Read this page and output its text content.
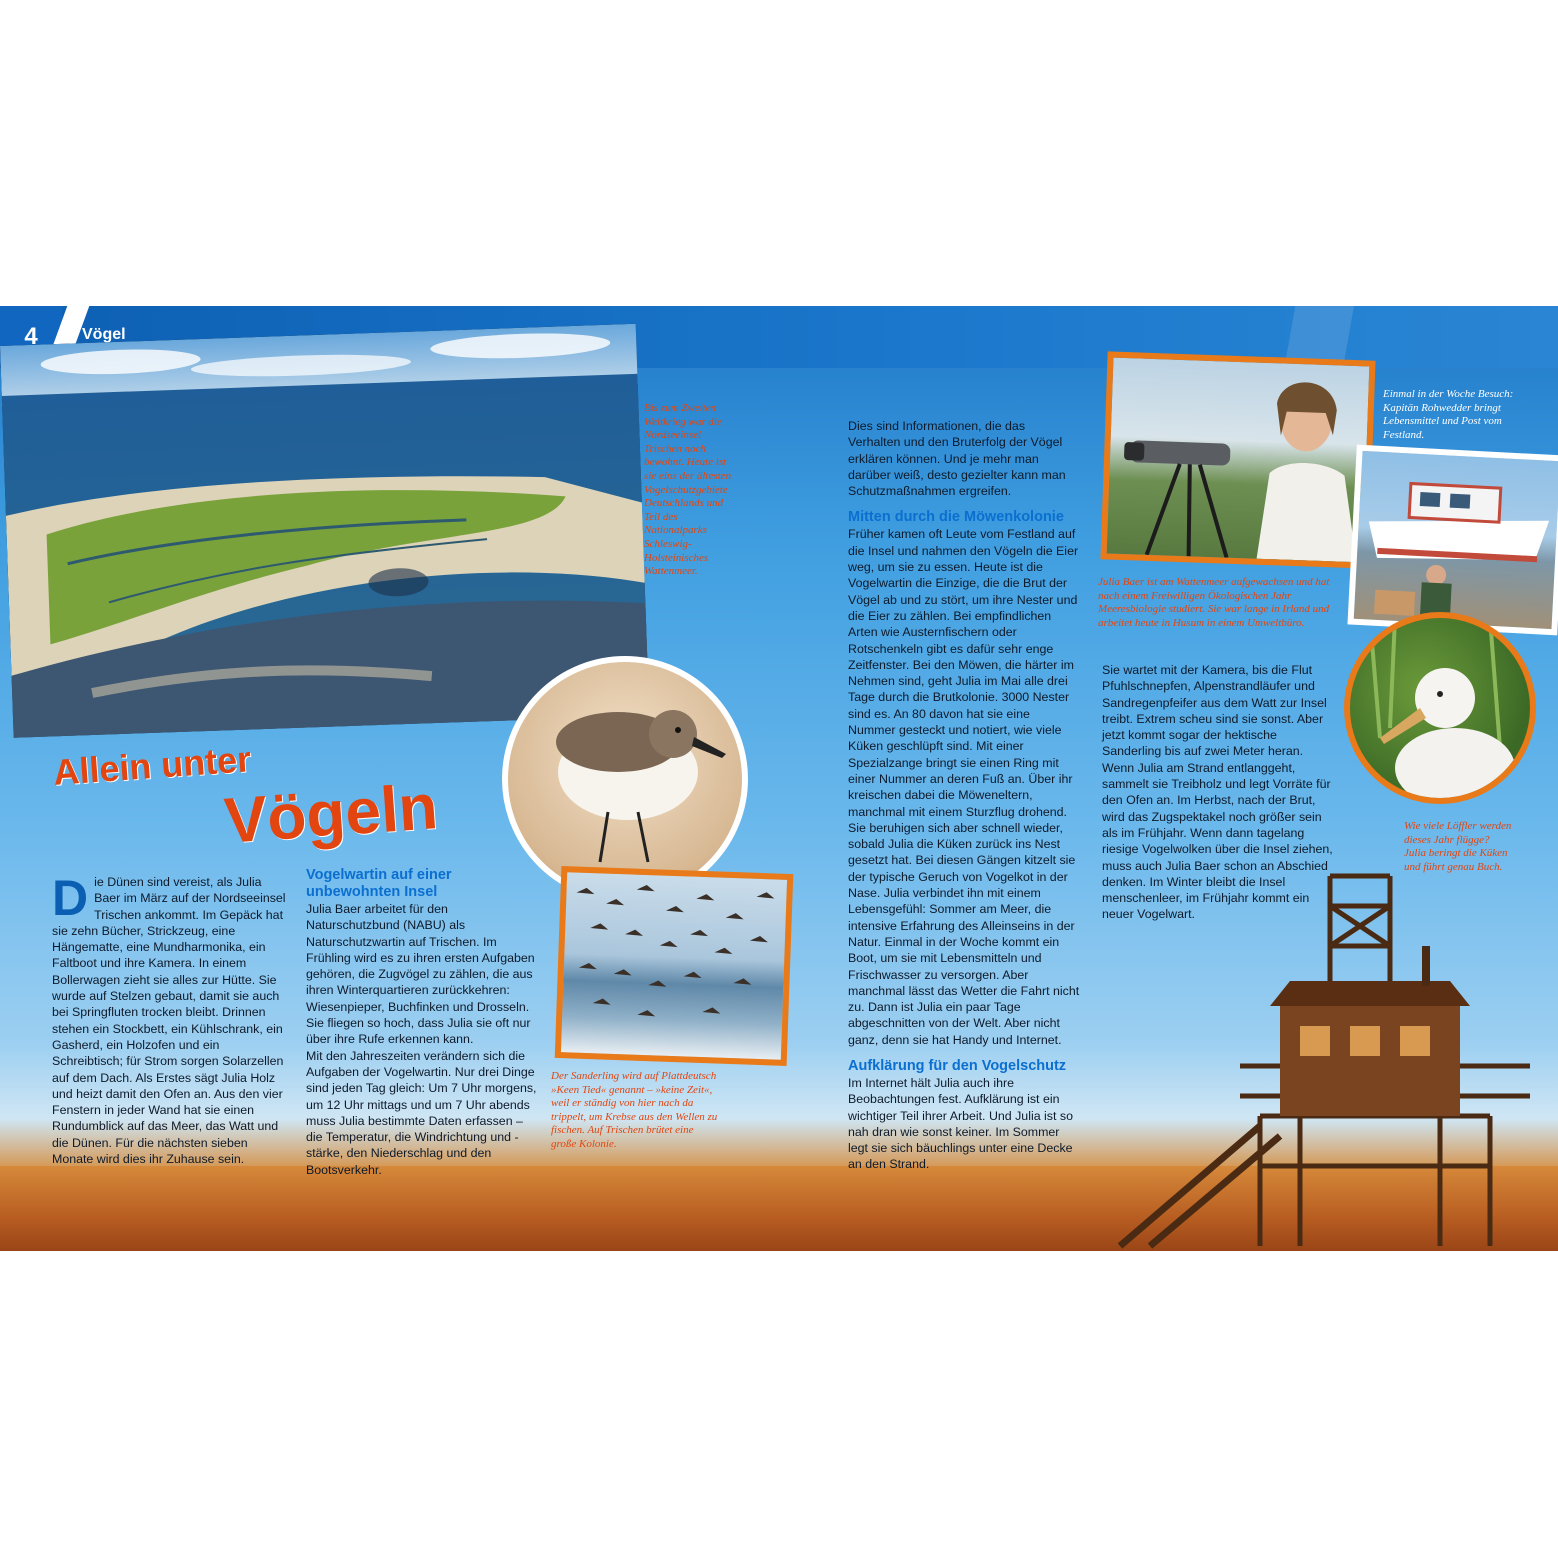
4	Vögel
Bis zum Zweiten Weltkrieg war die Nordseeinsel Trischen noch bewohnt. Heute ist sie eins der ältesten Vogelschutzgebiete Deutschlands und Teil des Nationalparks Schleswig-Holsteinisches Wattenmeer.
Der Sanderling wird auf Plattdeutsch »Keen Tied« genannt – »keine Zeit«, weil er ständig von hier nach da trippelt, um Krebse aus den Wellen zu fischen. Auf Trischen brütet eine große Kolonie.
Julia Baer ist am Wattenmeer aufgewachsen und hat nach einem Freiwilligen Ökologischen Jahr Meeresbiologie studiert. Sie war lange in Irland und arbeitet heute in Husum in einem Umweltbüro.
Einmal in der Woche Besuch: Kapitän Rohwedder bringt Lebensmittel und Post vom Festland.
Wie viele Löffler werden dieses Jahr flügge? Julia beringt die Küken und führt genau Buch.
Allein unter
Vögeln
D ie Dünen sind vereist, als Julia Baer im März auf der Nordseeinsel Trischen ankommt. Im Gepäck hat sie zehn Bücher, Strickzeug, eine Hängematte, eine Mundharmonika, ein Faltboot und ihre Kamera. In einem Bollerwagen zieht sie alles zur Hütte. Sie wurde auf Stelzen gebaut, damit sie auch bei Springfluten trocken bleibt. Drinnen stehen ein Stockbett, ein Kühlschrank, ein Gasherd, ein Holzofen und ein Schreibtisch; für Strom sorgen Solarzellen auf dem Dach. Als Erstes sägt Julia Holz und heizt damit den Ofen an. Aus den vier Fenstern in jeder Wand hat sie einen Rundumblick auf das Meer, das Watt und die Dünen. Für die nächsten sieben Monate wird dies ihr Zuhause sein.

Vogelwartin auf einer unbewohnten Insel

Julia Baer arbeitet für den Naturschutzbund (NABU) als Naturschutzwartin auf Trischen. Im Frühling wird es zu ihren ersten Aufgaben gehören, die Zugvögel zu zählen, die aus ihren Winterquartieren zurückkehren: Wiesenpieper, Buchfinken und Drosseln. Sie fliegen so hoch, dass Julia sie oft nur über ihre Rufe erkennen kann.

Mit den Jahreszeiten verändern sich die Aufgaben der Vogelwartin. Nur drei Dinge sind jeden Tag gleich: Um 7 Uhr morgens, um 12 Uhr mittags und um 7 Uhr abends muss Julia bestimmte Daten erfassen – die Temperatur, die Windrichtung und -stärke, den Niederschlag und den Bootsverkehr.

Dies sind Informationen, die das Verhalten und den Bruterfolg der Vögel erklären können. Und je mehr man darüber weiß, desto gezielter kann man Schutzmaßnahmen ergreifen.

Mitten durch die Möwenkolonie

Früher kamen oft Leute vom Festland auf die Insel und nahmen den Vögeln die Eier weg, um sie zu essen. Heute ist die Vogelwartin die Einzige, die die Brut der Vögel ab und zu stört, um ihre Nester und die Eier zu zählen. Bei empfindlichen Arten wie Austernfischern oder Rotschenkeln gibt es dafür sehr enge Zeitfenster. Bei den Möwen, die härter im Nehmen sind, geht Julia im Mai alle drei Tage durch die Brutkolonie. 3000 Nester sind es. An 80 davon hat sie eine Nummer gesteckt und notiert, wie viele Küken geschlüpft sind. Mit einer Spezialzange bringt sie einen Ring mit einer Nummer an deren Fuß an. Über ihr kreischen dabei die Möweneltern, manchmal mit einem Sturzflug drohend. Sie beruhigen sich aber schnell wieder, sobald Julia die Küken zurück ins Nest gesetzt hat. Bei diesen Gängen kitzelt sie der typische Geruch von Vogelkot in der Nase. Julia verbindet ihn mit einem Lebensgefühl: Sommer am Meer, die intensive Erfahrung des Alleinseins in der Natur. Einmal in der Woche kommt ein Boot, um sie mit Lebensmitteln und Frischwasser zu versorgen. Aber manchmal lässt das Wetter die Fahrt nicht zu. Dann ist Julia ein paar Tage abgeschnitten von der Welt. Aber nicht ganz, denn sie hat Handy und Internet.

Aufklärung für den Vogelschutz

Im Internet hält Julia auch ihre Beobachtungen fest. Aufklärung ist ein wichtiger Teil ihrer Arbeit. Und Julia ist so nah dran wie sonst keiner. Im Sommer legt sie sich bäuchlings unter eine Decke an den Strand.

Sie wartet mit der Kamera, bis die Flut Pfuhlschnepfen, Alpenstrandläufer und Sandregenpfeifer aus dem Watt zur Insel treibt. Extrem scheu sind sie sonst. Aber jetzt kommt sogar der hektische Sanderling bis auf zwei Meter heran. Wenn Julia am Strand entlanggeht, sammelt sie Treibholz und legt Vorräte für den Ofen an. Im Herbst, nach der Brut, wird das Zugspektakel noch größer sein als im Frühjahr. Wenn dann tagelang riesige Vogelwolken über die Insel ziehen, muss auch Julia Baer schon an Abschied denken. Im Winter bleibt die Insel menschenleer, im Frühjahr kommt ein neuer Vogelwart.
